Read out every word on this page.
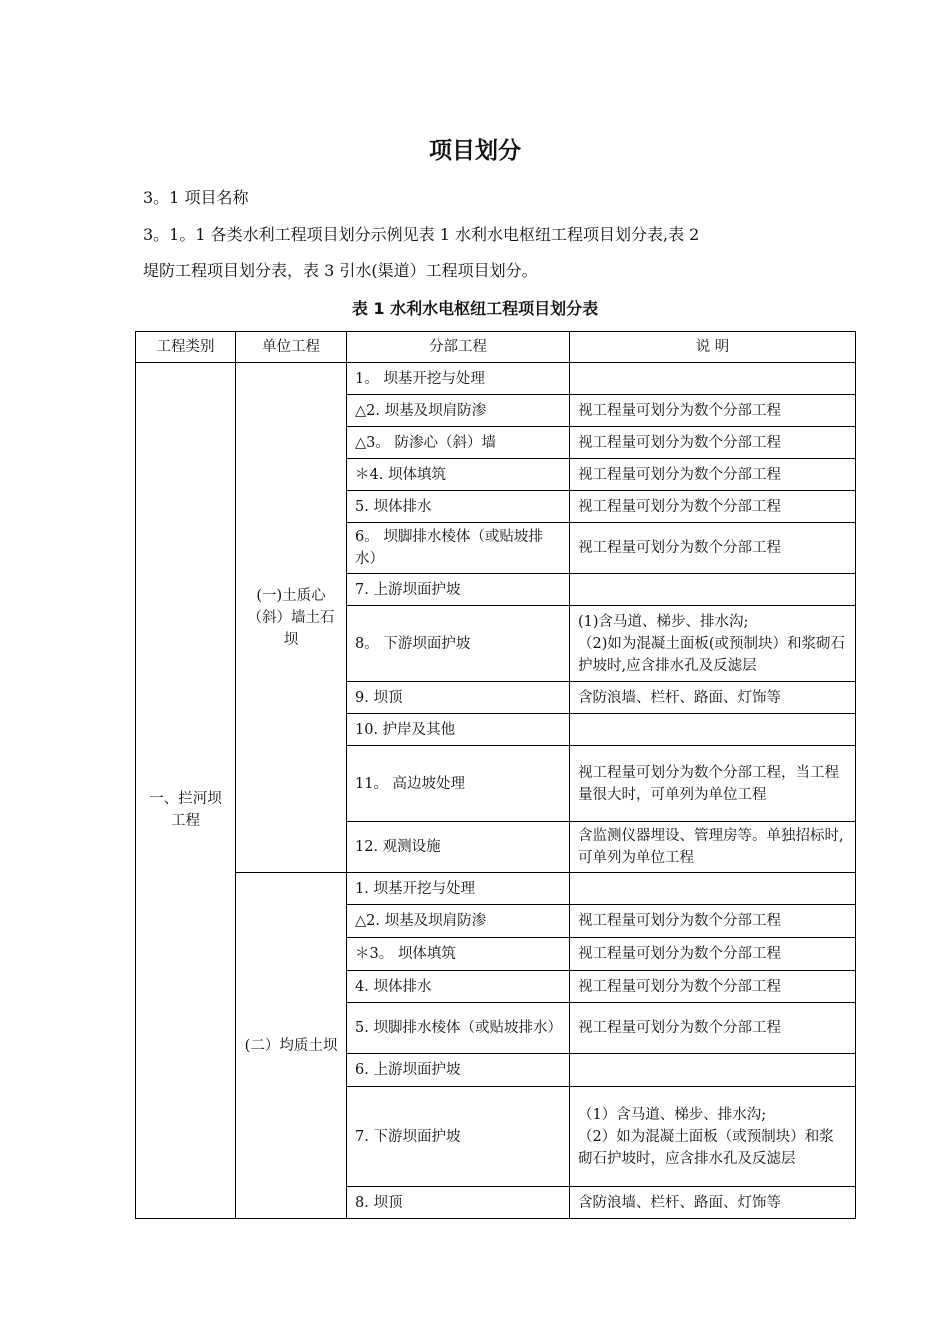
项目划分
3。1 项目名称
3。1。1 各类水利工程项目划分示例见表 1 水利水电枢纽工程项目划分表,表 2
堤防工程项目划分表，表 3 引水(渠道）工程项目划分。
表 1 水利水电枢纽工程项目划分表
工程类别	单位工程	分部工程	说 明
一、拦河坝工程	(一)土质心（斜）墙土石坝	1。 坝基开挖与处理	
		△2. 坝基及坝肩防渗	视工程量可划分为数个分部工程

		△3。 防渗心（斜）墙	视工程量可划分为数个分部工程

		＊4. 坝体填筑	视工程量可划分为数个分部工程

		5. 坝体排水	视工程量可划分为数个分部工程

		6。 坝脚排水棱体（或贴坡排水）	视工程量可划分为数个分部工程

		7. 上游坝面护坡	
		8。 下游坝面护坡	(1)含马道、梯步、排水沟;
（2)如为混凝土面板(或预制块）和浆砌石护坡时,应含排水孔及反滤层

		9. 坝顶	含防浪墙、栏杆、路面、灯饰等

		10. 护岸及其他	
		11。 高边坡处理	视工程量可划分为数个分部工程，当工程量很大时，可单列为单位工程

		12. 观测设施	含监测仪器埋设、管理房等。单独招标时,可单列为单位工程

	(二）均质土坝	1. 坝基开挖与处理	
		△2. 坝基及坝肩防渗	视工程量可划分为数个分部工程

		＊3。 坝体填筑	视工程量可划分为数个分部工程

		4. 坝体排水	视工程量可划分为数个分部工程

		5. 坝脚排水棱体（或贴坡排水）	视工程量可划分为数个分部工程

		6. 上游坝面护坡	
		7. 下游坝面护坡	（1）含马道、梯步、排水沟;
（2）如为混凝土面板（或预制块）和浆砌石护坡时，应含排水孔及反滤层

		8. 坝顶	含防浪墙、栏杆、路面、灯饰等
